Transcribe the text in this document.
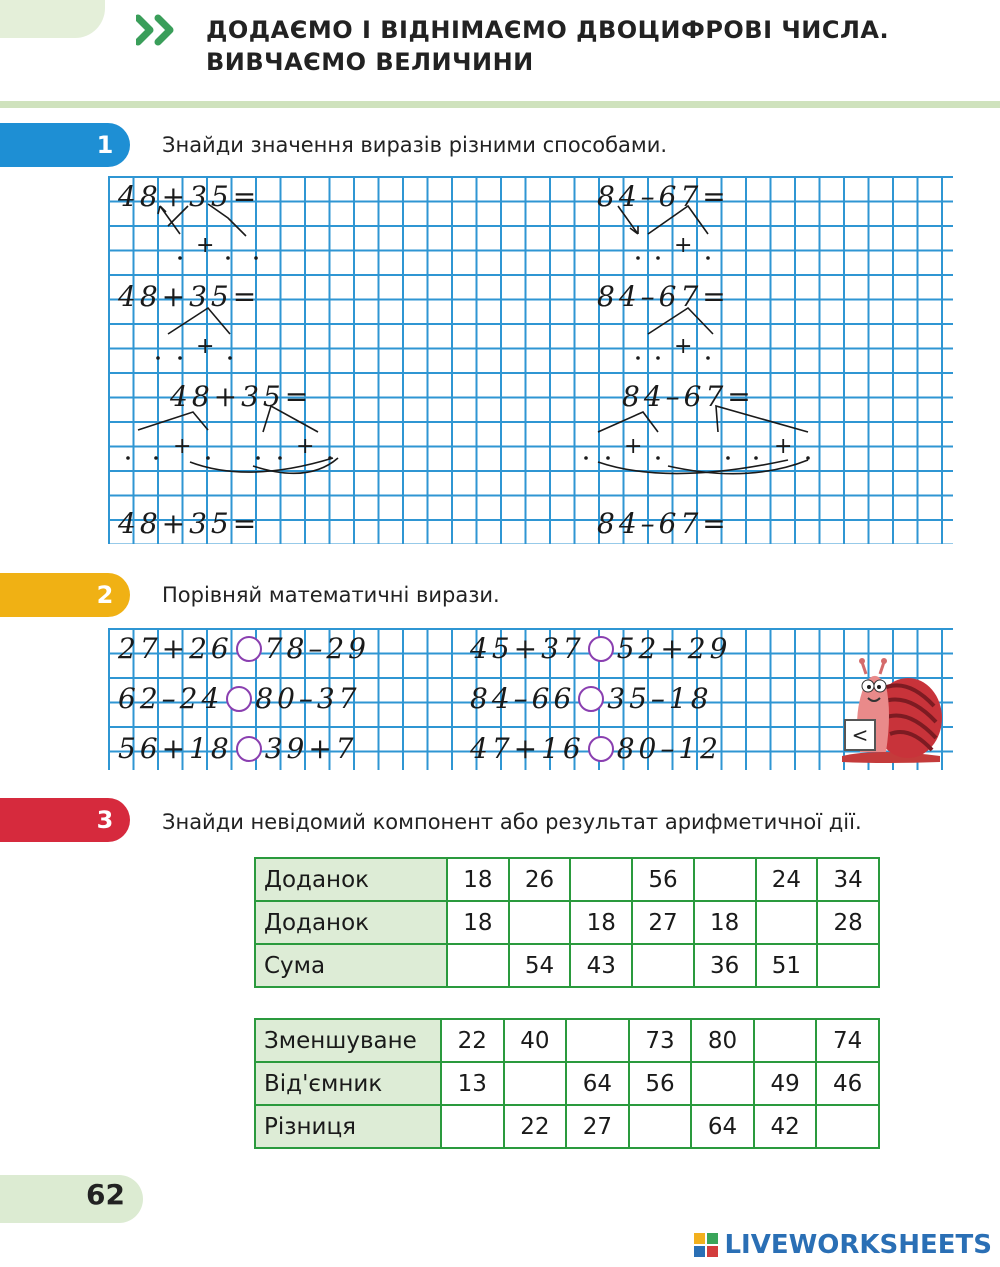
ДОДАЄМО І ВІДНІМАЄМО ДВОЦИФРОВІ ЧИСЛА.
ВИВЧАЄМО ВЕЛИЧИНИ
1	Знайди значення виразів різними способами.
48+35=
48+35=
48+35=
48+35=
84–67=
84–67=
84–67=
84–67=
+
+
+	+
+
+
+	+
2	Порівняй математичні вирази.
27+26 78–29	45+37 52+29
62–24 80–37	84–66 35–18
56+18 39+7	47+16 80–12	<
3	Знайди невідомий компонент або результат арифметичної дії.
Доданок	18	26		56		24	34
Доданок	18		18	27	18		28
Сума		54	43		36	51	
Зменшуване	22	40		73	80		74
Від'ємник	13		64	56		49	46
Різниця		22	27		64	42	
62
LIVEWORKSHEETS
